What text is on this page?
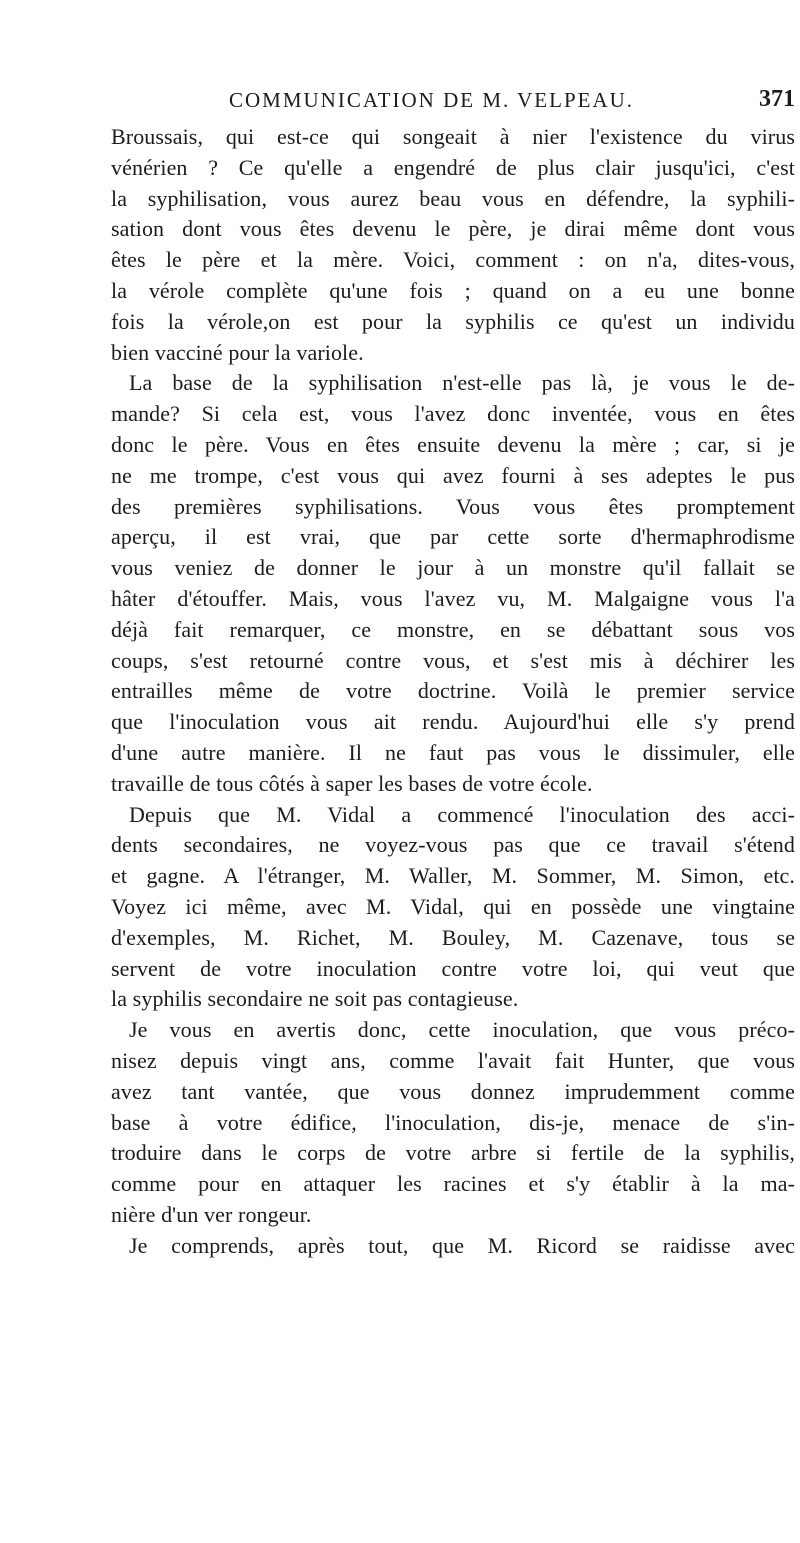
COMMUNICATION DE M. VELPEAU.	371
Broussais, qui est-ce qui songeait à nier l'existence du virus
vénérien ? Ce qu'elle a engendré de plus clair jusqu'ici, c'est
la syphilisation, vous aurez beau vous en défendre, la syphili-
sation dont vous êtes devenu le père, je dirai même dont vous
êtes le père et la mère. Voici, comment : on n'a, dites-vous,
la vérole complète qu'une fois ; quand on a eu une bonne
fois la vérole,on est pour la syphilis ce qu'est un individu
bien vacciné pour la variole.
La base de la syphilisation n'est-elle pas là, je vous le de-
mande? Si cela est, vous l'avez donc inventée, vous en êtes
donc le père. Vous en êtes ensuite devenu la mère ; car, si je
ne me trompe, c'est vous qui avez fourni à ses adeptes le pus
des premières syphilisations. Vous vous êtes promptement
aperçu, il est vrai, que par cette sorte d'hermaphrodisme
vous veniez de donner le jour à un monstre qu'il fallait se
hâter d'étouffer. Mais, vous l'avez vu, M. Malgaigne vous l'a
déjà fait remarquer, ce monstre, en se débattant sous vos
coups, s'est retourné contre vous, et s'est mis à déchirer les
entrailles même de votre doctrine. Voilà le premier service
que l'inoculation vous ait rendu. Aujourd'hui elle s'y prend
d'une autre manière. Il ne faut pas vous le dissimuler, elle
travaille de tous côtés à saper les bases de votre école.
Depuis que M. Vidal a commencé l'inoculation des acci-
dents secondaires, ne voyez-vous pas que ce travail s'étend
et gagne. A l'étranger, M. Waller, M. Sommer, M. Simon, etc.
Voyez ici même, avec M. Vidal, qui en possède une vingtaine
d'exemples, M. Richet, M. Bouley, M. Cazenave, tous se
servent de votre inoculation contre votre loi, qui veut que
la syphilis secondaire ne soit pas contagieuse.
Je vous en avertis donc, cette inoculation, que vous préco-
nisez depuis vingt ans, comme l'avait fait Hunter, que vous
avez tant vantée, que vous donnez imprudemment comme
base à votre édifice, l'inoculation, dis-je, menace de s'in-
troduire dans le corps de votre arbre si fertile de la syphilis,
comme pour en attaquer les racines et s'y établir à la ma-
nière d'un ver rongeur.
Je comprends, après tout, que M. Ricord se raidisse avec
